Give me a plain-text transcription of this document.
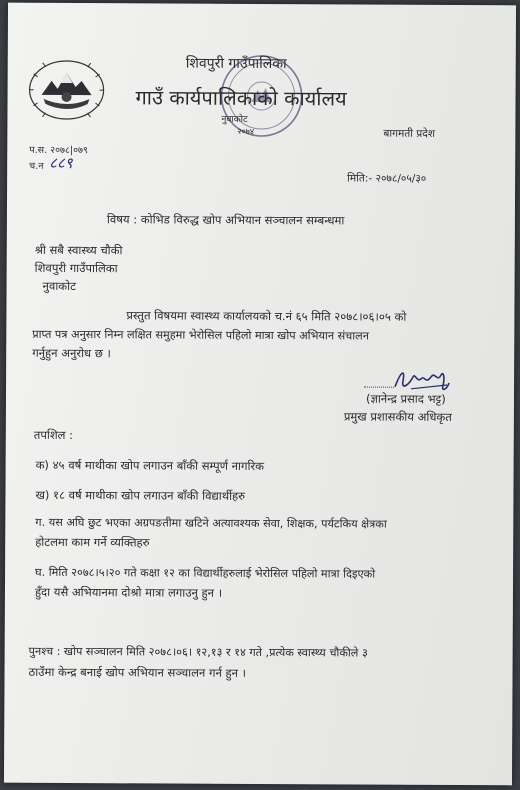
शिवपुरी गाउँपालिका
गाउँ कार्यपालिकाको कार्यालय
नुवाकोट
२०७४	बागमती प्रदेश
प.स. २०७८|०७९
च.न ८८९
मिति:- २०७८/०५/३०
विषय : कोभिड विरुद्ध खोप अभियान सञ्चालन सम्बन्धमा
श्री सबै स्वास्थ्य चौकी
शिवपुरी गाउँपालिका
नुवाकोट
प्रस्तुत विषयमा स्वास्थ्य कार्यालयको च.नं ६५ मिति २०७८।०६।०५ को
प्राप्त पत्र अनुसार निम्न लक्षित समुहमा भेरोसिल पहिलो मात्रा खोप अभियान संचालन
गर्नुहुन अनुरोध छ ।
(ज्ञानेन्द्र प्रसाद भट्ट)
प्रमुख प्रशासकीय अधिकृत
तपशिल :
क) ४५ वर्ष माथीका खोप लगाउन बाँकी सम्पूर्ण नागरिक
ख) १८ वर्ष माथीका खोप लगाउन बाँकी विद्यार्थीहरु
ग. यस अघि छुट भएका अग्रपङतीमा खटिने अत्यावश्यक सेवा, शिक्षक, पर्यटकिय क्षेत्रका
होटलमा काम गर्ने व्यक्तिहरु
घ. मिति २०७८।५।२० गते कक्षा १२ का विद्यार्थीहरुलाई भेरोसिल पहिलो मात्रा दिइएको
हुँदा यसै अभियानमा दोश्रो मात्रा लगाउनु हुन ।
पुनश्च : खोप सञ्चालन मिति २०७८।०६। १२,१३ र १४ गते ,प्रत्येक स्वास्थ्य चौकीले ३
ठाउँमा केन्द्र बनाई खोप अभियान सञ्चालन गर्न हुन ।
